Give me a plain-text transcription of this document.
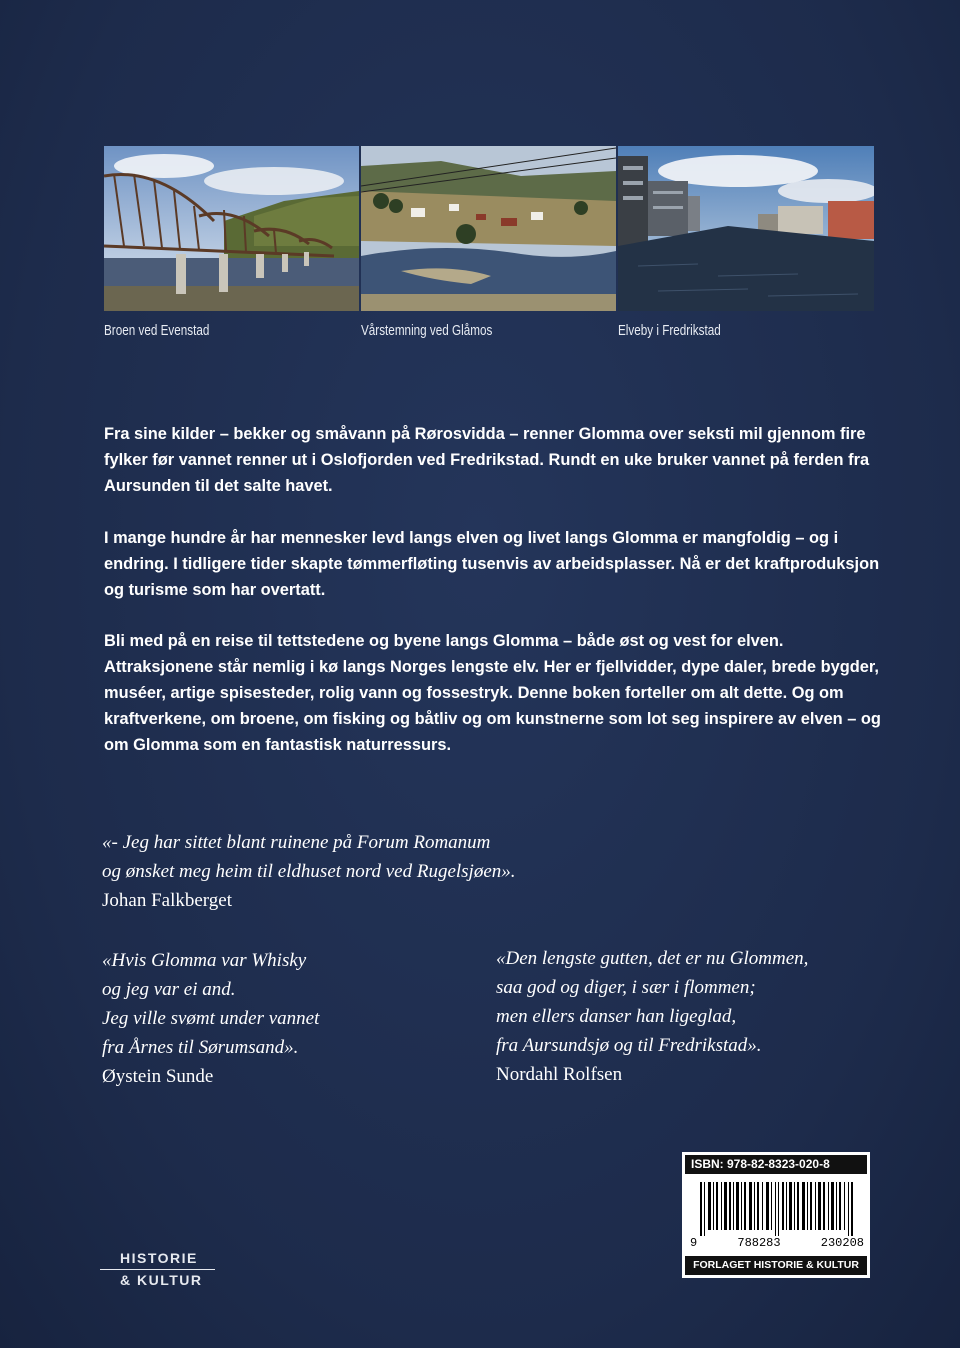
Broen ved Evenstad	Vårstemning ved Glåmos	Elveby i Fredrikstad

Fra sine kilder – bekker og småvann på Rørosvidda – renner Glomma over seksti mil gjennom fire fylker før vannet renner ut i Oslofjorden ved Fredrikstad. Rundt en uke bruker vannet på ferden fra Aursunden til det salte havet.

I mange hundre år har mennesker levd langs elven og livet langs Glomma er mangfoldig – og i endring. I tidligere tider skapte tømmerfløting tusenvis av arbeidsplasser. Nå er det kraftproduksjon og turisme som har overtatt.

Bli med på en reise til tettstedene og byene langs Glomma – både øst og vest for elven. Attraksjonene står nemlig i kø langs Norges lengste elv. Her er fjellvidder, dype daler, brede bygder, muséer, artige spisesteder, rolig vann og fossestryk. Denne boken forteller om alt dette. Og om kraftverkene, om broene, om fisking og båtliv og om kunstnerne som lot seg inspirere av elven – og om Glomma som en fantastisk naturressurs.

«- Jeg har sittet blant ruinene på Forum Romanum
og ønsket meg heim til eldhuset nord ved Rugelsjøen».
Johan Falkberget
«Hvis Glomma var Whisky
og jeg var ei and.
Jeg ville svømt under vannet
fra Årnes til Sørumsand».
Øystein Sunde
«Den lengste gutten, det er nu Glommen,
saa god og diger, i sær i flommen;
men ellers danser han ligeglad,
fra Aursundsjø og til Fredrikstad».
Nordahl Rolfsen
ISBN: 978-82-8323-020-8
9	788283	230208
FORLAGET HISTORIE & KULTUR
HISTORIE
& KULTUR
